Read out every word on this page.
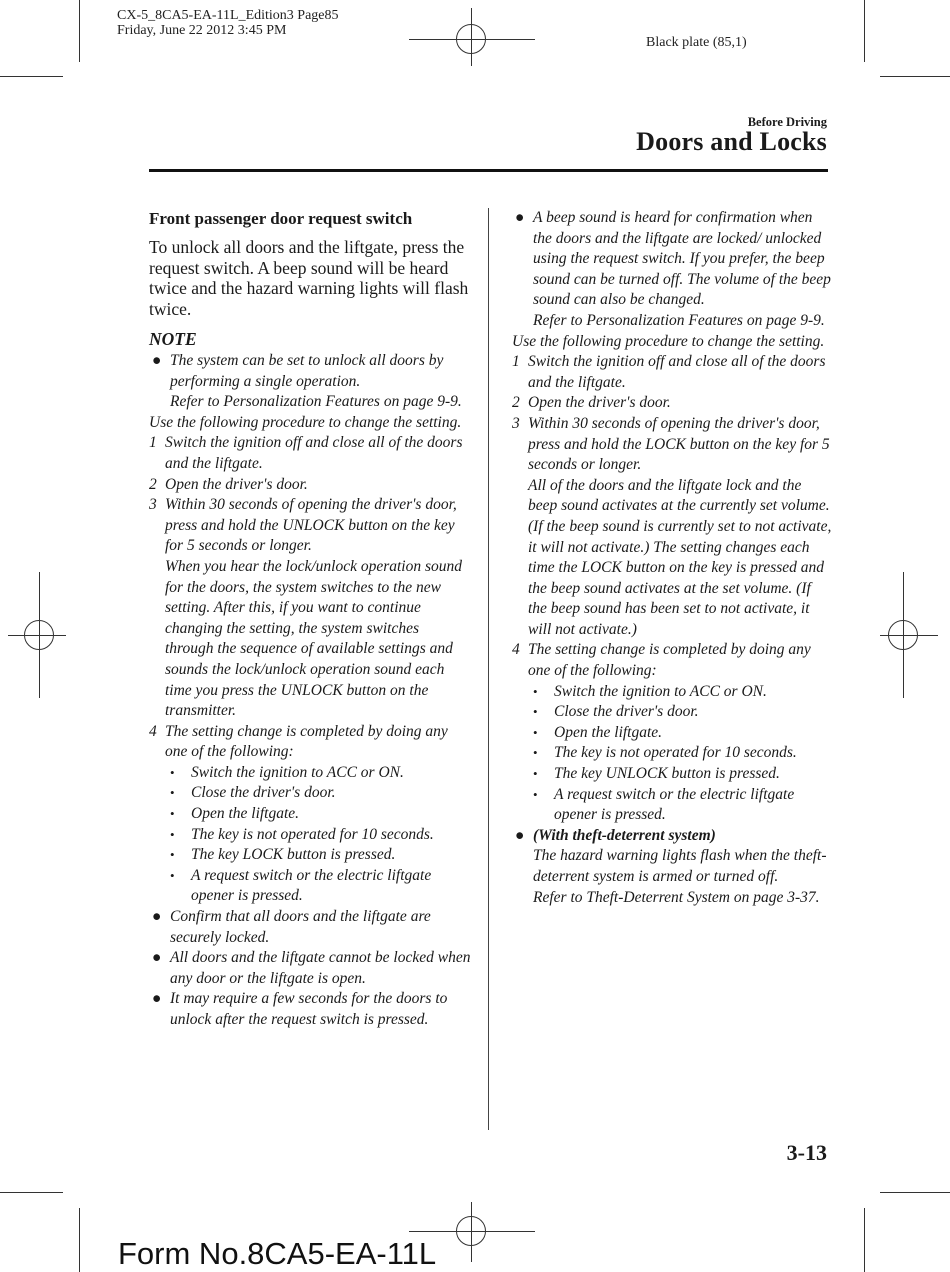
CX-5_8CA5-EA-11L_Edition3 Page85
Friday, June 22 2012 3:45 PM
Black plate (85,1)
Before Driving
Doors and Locks
Front passenger door request switch
To unlock all doors and the liftgate, press the request switch. A beep sound will be heard twice and the hazard warning lights will flash twice.
NOTE
● The system can be set to unlock all doors by performing a single operation.
Refer to Personalization Features on page 9-9.
Use the following procedure to change the setting.
1 Switch the ignition off and close all of the doors and the liftgate.
2 Open the driver's door.
3 Within 30 seconds of opening the driver's door, press and hold the UNLOCK button on the key for 5 seconds or longer.
When you hear the lock/unlock operation sound for the doors, the system switches to the new setting. After this, if you want to continue changing the setting, the system switches through the sequence of available settings and sounds the lock/unlock operation sound each time you press the UNLOCK button on the transmitter.
4 The setting change is completed by doing any one of the following:
• Switch the ignition to ACC or ON.
• Close the driver's door.
• Open the liftgate.
• The key is not operated for 10 seconds.
• The key LOCK button is pressed.
• A request switch or the electric liftgate opener is pressed.
● Confirm that all doors and the liftgate are securely locked.
● All doors and the liftgate cannot be locked when any door or the liftgate is open.
● It may require a few seconds for the doors to unlock after the request switch is pressed.
● A beep sound is heard for confirmation when the doors and the liftgate are locked/ unlocked using the request switch. If you prefer, the beep sound can be turned off. The volume of the beep sound can also be changed.
Refer to Personalization Features on page 9-9.
Use the following procedure to change the setting.
1 Switch the ignition off and close all of the doors and the liftgate.
2 Open the driver's door.
3 Within 30 seconds of opening the driver's door, press and hold the LOCK button on the key for 5 seconds or longer.
All of the doors and the liftgate lock and the beep sound activates at the currently set volume. (If the beep sound is currently set to not activate, it will not activate.) The setting changes each time the LOCK button on the key is pressed and the beep sound activates at the set volume. (If the beep sound has been set to not activate, it will not activate.)
4 The setting change is completed by doing any one of the following:
• Switch the ignition to ACC or ON.
• Close the driver's door.
• Open the liftgate.
• The key is not operated for 10 seconds.
• The key UNLOCK button is pressed.
• A request switch or the electric liftgate opener is pressed.
● (With theft-deterrent system)
The hazard warning lights flash when the theft-deterrent system is armed or turned off.
Refer to Theft-Deterrent System on page 3-37.
3-13
Form No.8CA5-EA-11L
